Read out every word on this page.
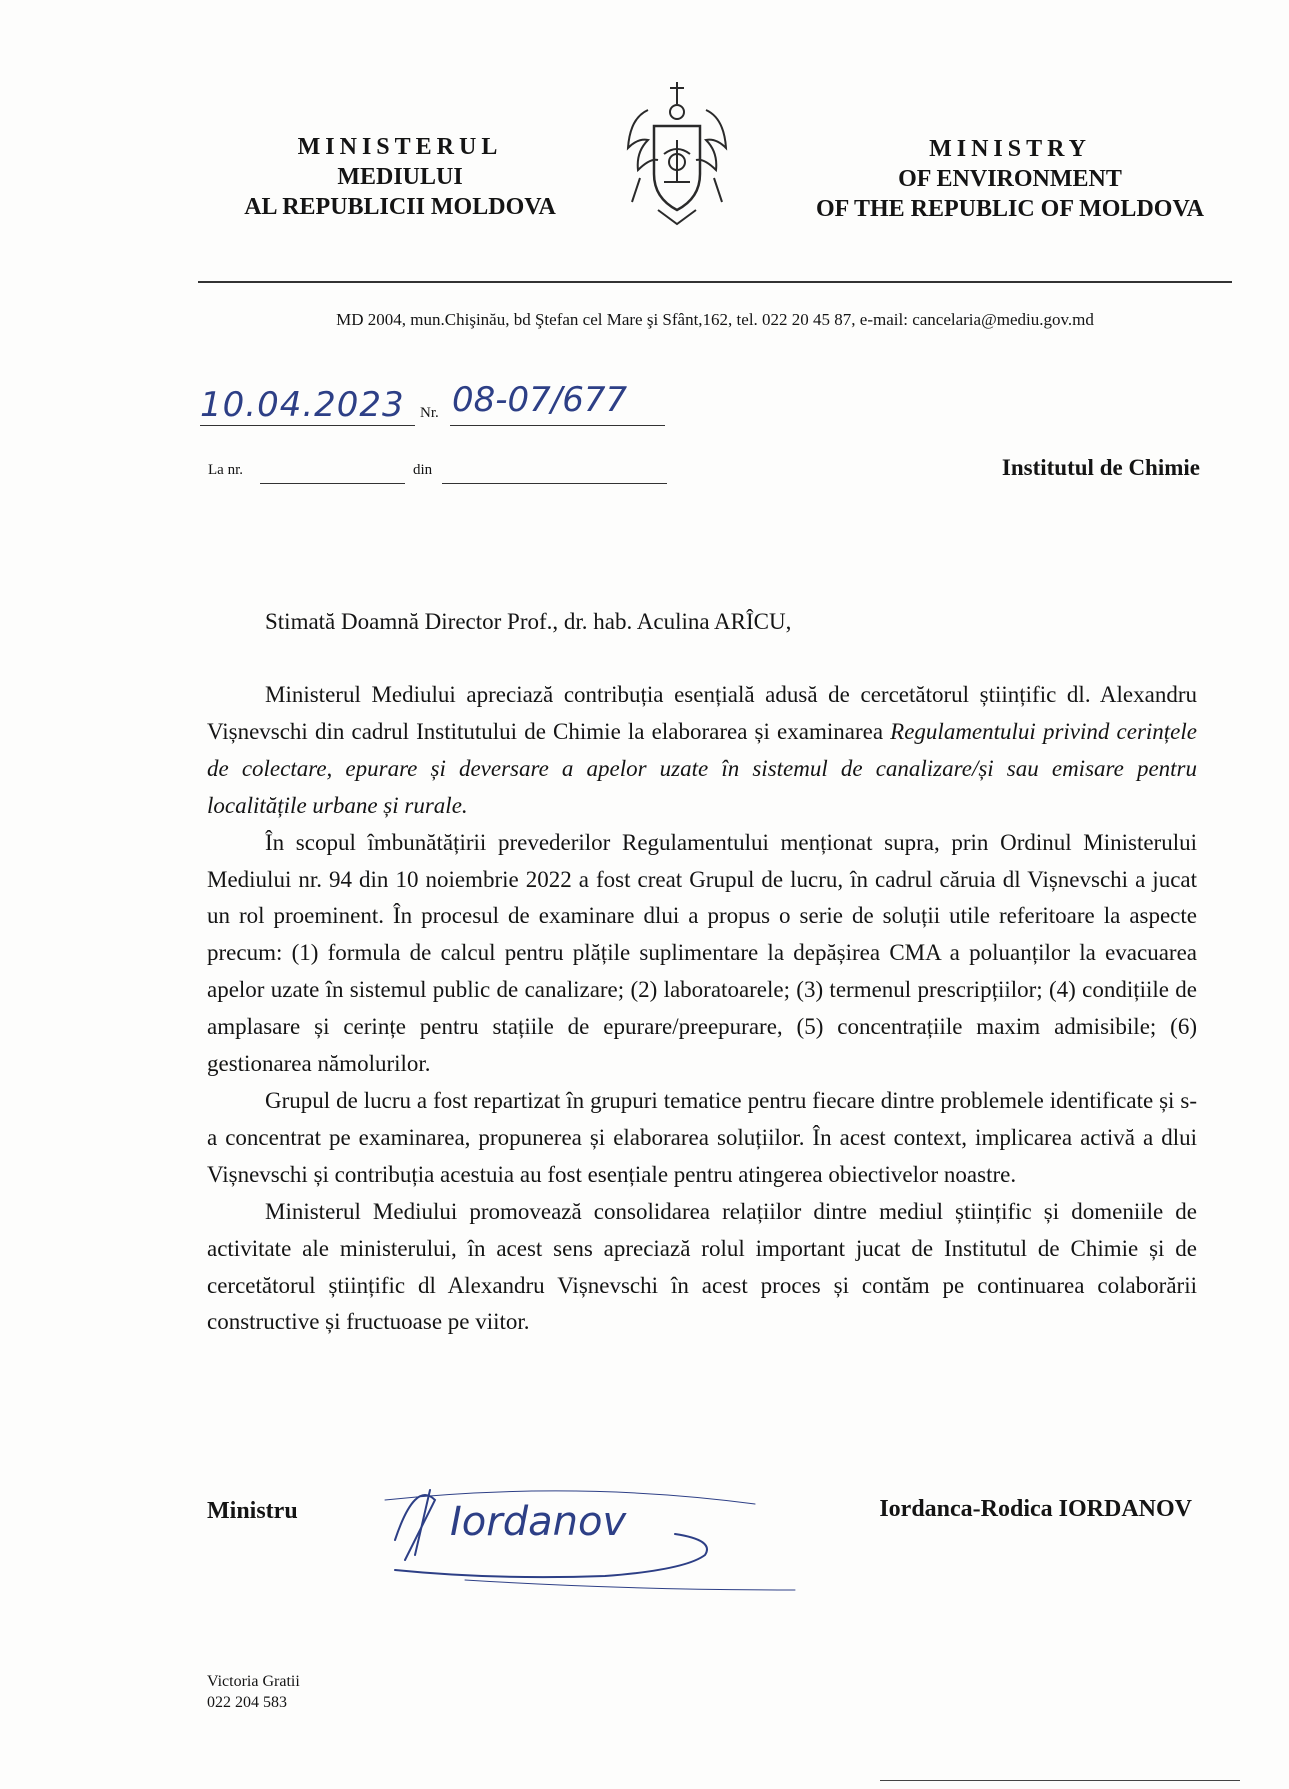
MINISTERUL
MEDIULUI
AL REPUBLICII MOLDOVA
MINISTRY
OF ENVIRONMENT
OF THE REPUBLIC OF MOLDOVA
MD 2004, mun.Chişinău, bd Ştefan cel Mare şi Sfânt,162, tel. 022 20 45 87, e-mail: cancelaria@mediu.gov.md
10.04.2023 Nr. 08-07/677
La nr.	din	Institutul de Chimie
Stimată Doamnă Director Prof., dr. hab. Aculina ARÎCU,

Ministerul Mediului apreciază contribuția esențială adusă de cercetătorul științific dl. Alexandru Vișnevschi din cadrul Institutului de Chimie la elaborarea și examinarea Regulamentului privind cerințele de colectare, epurare și deversare a apelor uzate în sistemul de canalizare/și sau emisare pentru localitățile urbane și rurale.

În scopul îmbunătățirii prevederilor Regulamentului menționat supra, prin Ordinul Ministerului Mediului nr. 94 din 10 noiembrie 2022 a fost creat Grupul de lucru, în cadrul căruia dl Vișnevschi a jucat un rol proeminent. În procesul de examinare dlui a propus o serie de soluții utile referitoare la aspecte precum: (1) formula de calcul pentru plățile suplimentare la depășirea CMA a poluanților la evacuarea apelor uzate în sistemul public de canalizare; (2) laboratoarele; (3) termenul prescripțiilor; (4) condițiile de amplasare și cerințe pentru stațiile de epurare/preepurare, (5) concentrațiile maxim admisibile; (6) gestionarea nămolurilor.

Grupul de lucru a fost repartizat în grupuri tematice pentru fiecare dintre problemele identificate și s-a concentrat pe examinarea, propunerea și elaborarea soluțiilor. În acest context, implicarea activă a dlui Vișnevschi și contribuția acestuia au fost esențiale pentru atingerea obiectivelor noastre.

Ministerul Mediului promovează consolidarea relațiilor dintre mediul științific și domeniile de activitate ale ministerului, în acest sens apreciază rolul important jucat de Institutul de Chimie și de cercetătorul științific dl Alexandru Vișnevschi în acest proces și contăm pe continuarea colaborării constructive și fructuoase pe viitor.

Ministru	Iordanov	Iordanca-Rodica IORDANOV
Victoria Gratii
022 204 583
